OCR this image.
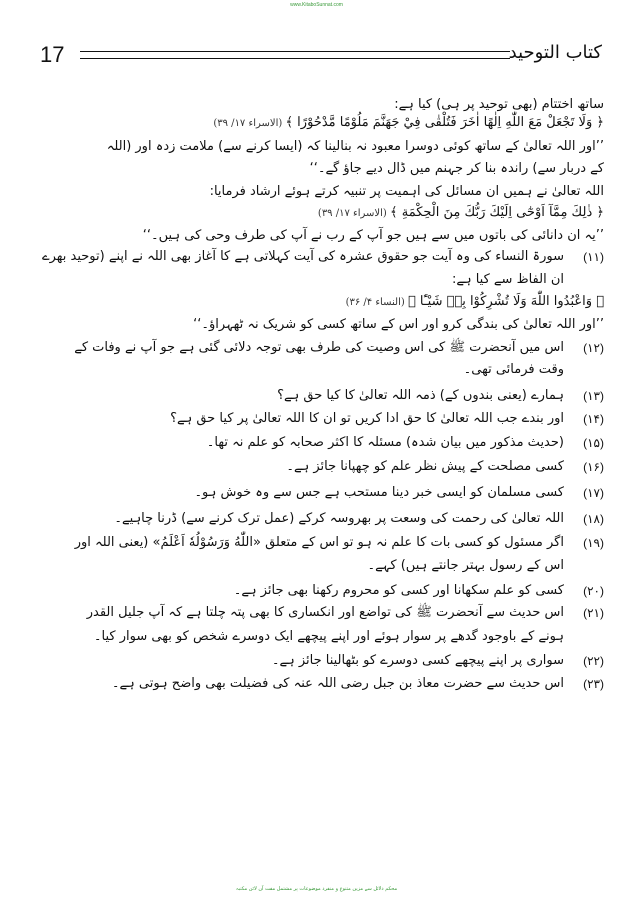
www.KitaboSunnat.com
17	کتاب التوحید
ساتھ اختتام (بھی توحید پر ہی) کیا ہے:
﴿ وَلَا تَجْعَلْ مَعَ اللّٰهِ اِلٰهًا اٰخَرَ فَتُلْقٰى فِيْ جَهَنَّمَ مَلُوْمًا مَّدْحُوْرًا ﴾ (الاسراء ۱۷/ ۳۹)
’’اور اللہ تعالیٰ کے ساتھ کوئی دوسرا معبود نہ بنالینا کہ (ایسا کرنے سے) ملامت زدہ اور (اللہ
کے دربار سے) راندہ بنا کر جہنم میں ڈال دیے جاؤ گے۔‘‘
اللہ تعالیٰ نے ہمیں ان مسائل کی اہمیت پر تنبیہ کرتے ہوئے ارشاد فرمایا:
﴿ ذٰلِكَ مِمَّآ اَوْحٰٓى اِلَيْكَ رَبُّكَ مِنَ الْحِكْمَةِ ﴾ (الاسراء ۱۷/ ۳۹)
’’یہ ان دانائی کی باتوں میں سے ہیں جو آپ کے رب نے آپ کی طرف وحی کی ہیں۔‘‘
(۱۱)
سورۃ النساء کی وہ آیت جو حقوق عشرہ کی آیت کہلاتی ہے کا آغاز بھی اللہ نے اپنے (توحید بھرے
ان الفاظ سے کیا ہے:
﴿ وَاعْبُدُوا اللّٰهَ وَلَا تُشْرِكُوْا بِهٖ شَيْـًٔا ﴾ (النساء ۴/ ۳۶)
’’اور اللہ تعالیٰ کی بندگی کرو اور اس کے ساتھ کسی کو شریک نہ ٹھہراؤ۔‘‘
(۱۲)
اس میں آنحضرت ﷺ کی اس وصیت کی طرف بھی توجہ دلائی گئی ہے جو آپ نے وفات کے
وقت فرمائی تھی۔
(۱۳)
ہمارے (یعنی بندوں کے) ذمہ اللہ تعالیٰ کا کیا حق ہے؟
(۱۴)
اور بندے جب اللہ تعالیٰ کا حق ادا کریں تو ان کا اللہ تعالیٰ پر کیا حق ہے؟
(۱۵)
(حدیث مذکور میں بیان شدہ) مسئلہ کا اکثر صحابہ کو علم نہ تھا۔
(۱۶)
کسی مصلحت کے پیش نظر علم کو چھپانا جائز ہے۔
(۱۷)
کسی مسلمان کو ایسی خبر دینا مستحب ہے جس سے وہ خوش ہو۔
(۱۸)
اللہ تعالیٰ کی رحمت کی وسعت پر بھروسہ کرکے (عمل ترک کرنے سے) ڈرنا چاہیے۔
(۱۹)
اگر مسئول کو کسی بات کا علم نہ ہو تو اس کے متعلق «اللّٰهُ وَرَسُوْلُهٗ اَعْلَمُ» (یعنی اللہ اور
اس کے رسول بہتر جانتے ہیں) کہے۔
(۲۰)
کسی کو علم سکھانا اور کسی کو محروم رکھنا بھی جائز ہے۔
(۲۱)
اس حدیث سے آنحضرت ﷺ کی تواضع اور انکساری کا بھی پتہ چلتا ہے کہ آپ جلیل القدر
ہونے کے باوجود گدھے پر سوار ہوئے اور اپنے پیچھے ایک دوسرے شخص کو بھی سوار کیا۔
(۲۲)
سواری پر اپنے پیچھے کسی دوسرے کو بٹھالینا جائز ہے۔
(۲۳)
اس حدیث سے حضرت معاذ بن جبل رضی اللہ عنہ کی فضیلت بھی واضح ہوتی ہے۔
محکم دلائل سے مزین متنوع و منفرد موضوعات پر مشتمل مفت آن لائن مکتبہ
